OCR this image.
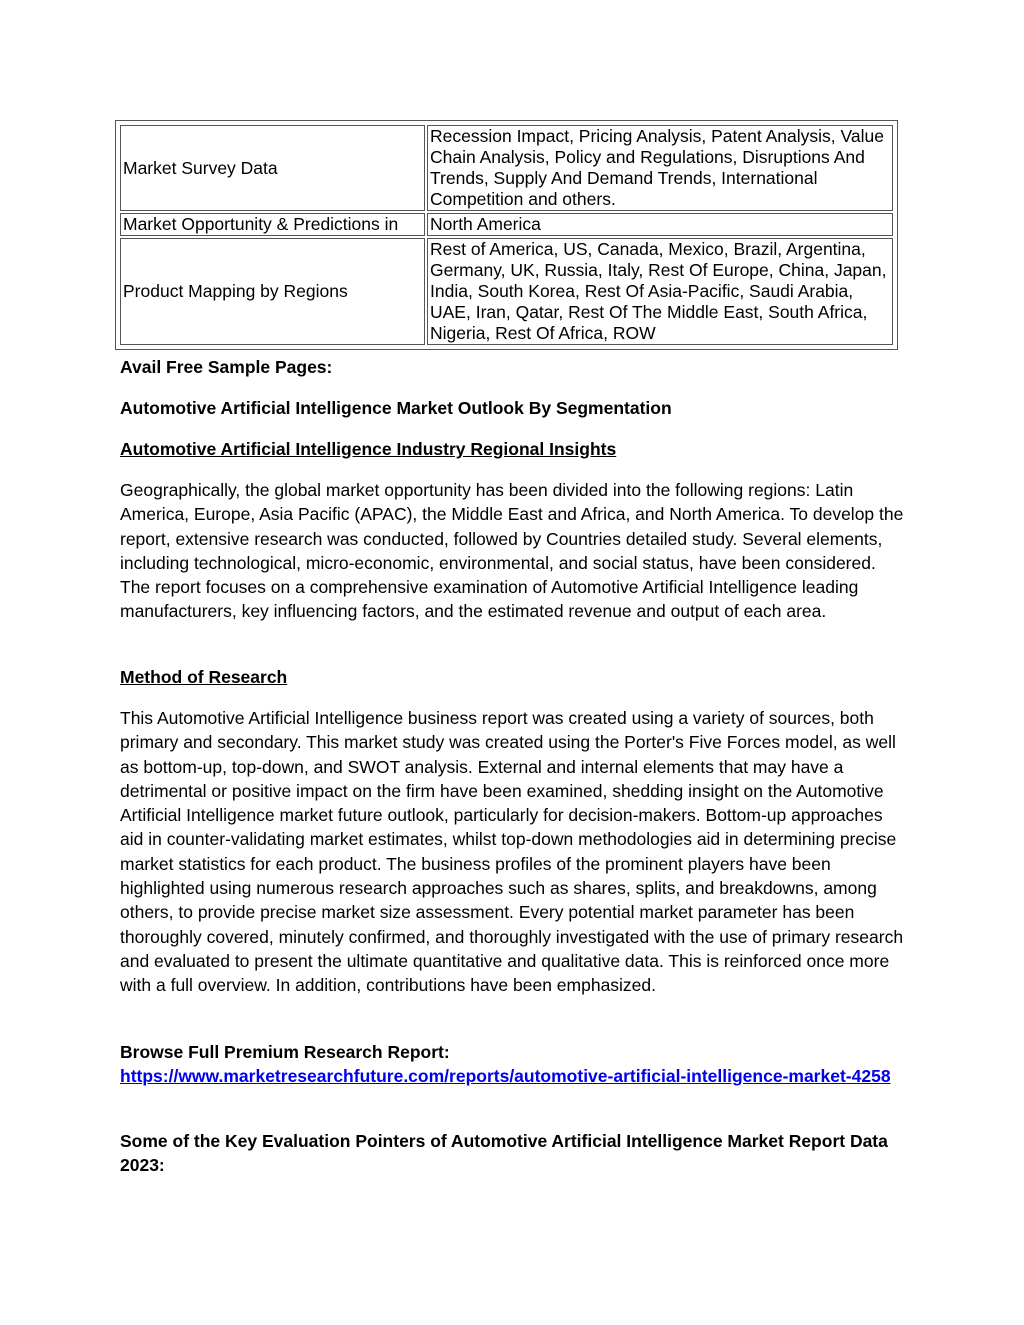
Market Survey Data	Recession Impact, Pricing Analysis, Patent Analysis, Value Chain Analysis, Policy and Regulations, Disruptions And Trends, Supply And Demand Trends, International Competition and others.
Market Opportunity & Predictions in	North America
Product Mapping by Regions	Rest of America, US, Canada, Mexico, Brazil, Argentina, Germany, UK, Russia, Italy, Rest Of Europe, China, Japan, India, South Korea, Rest Of Asia-Pacific, Saudi Arabia, UAE, Iran, Qatar, Rest Of The Middle East, South Africa, Nigeria, Rest Of Africa, ROW
Avail Free Sample Pages:
Automotive Artificial Intelligence Market Outlook By Segmentation
Automotive Artificial Intelligence Industry Regional Insights
Geographically, the global market opportunity has been divided into the following regions: Latin America, Europe, Asia Pacific (APAC), the Middle East and Africa, and North America. To develop the report, extensive research was conducted, followed by Countries detailed study. Several elements, including technological, micro-economic, environmental, and social status, have been considered. The report focuses on a comprehensive examination of Automotive Artificial Intelligence leading manufacturers, key influencing factors, and the estimated revenue and output of each area.
Method of Research
This Automotive Artificial Intelligence business report was created using a variety of sources, both primary and secondary. This market study was created using the Porter's Five Forces model, as well as bottom-up, top-down, and SWOT analysis. External and internal elements that may have a detrimental or positive impact on the firm have been examined, shedding insight on the Automotive Artificial Intelligence market future outlook, particularly for decision-makers. Bottom-up approaches aid in counter-validating market estimates, whilst top-down methodologies aid in determining precise market statistics for each product. The business profiles of the prominent players have been highlighted using numerous research approaches such as shares, splits, and breakdowns, among others, to provide precise market size assessment. Every potential market parameter has been thoroughly covered, minutely confirmed, and thoroughly investigated with the use of primary research and evaluated to present the ultimate quantitative and qualitative data. This is reinforced once more with a full overview. In addition, contributions have been emphasized.
Browse Full Premium Research Report:
https://www.marketresearchfuture.com/reports/automotive-artificial-intelligence-market-4258
Some of the Key Evaluation Pointers of Automotive Artificial Intelligence Market Report Data 2023:
